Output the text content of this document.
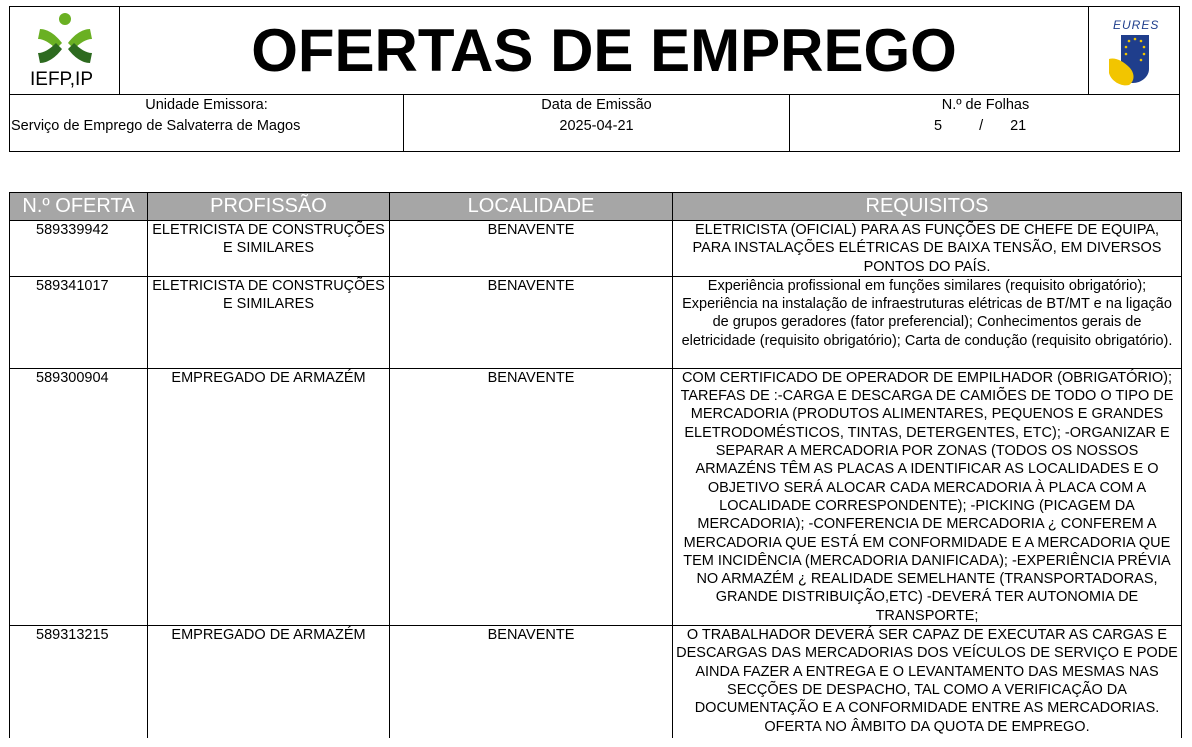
IEFP,IP	OFERTAS DE EMPREGO	EURES
Unidade Emissora:
Serviço de Emprego de Salvaterra de Magos
Data de Emissão
2025-04-21
N.º de Folhas
5	/ 21
N.º OFERTA	PROFISSÃO	LOCALIDADE	REQUISITOS
589339942	ELETRICISTA DE CONSTRUÇÕES E SIMILARES	BENAVENTE	ELETRICISTA (OFICIAL) PARA AS FUNÇÕES DE CHEFE DE EQUIPA, PARA INSTALAÇÕES ELÉTRICAS DE BAIXA TENSÃO, EM DIVERSOS PONTOS DO PAÍS.
589341017	ELETRICISTA DE CONSTRUÇÕES E SIMILARES	BENAVENTE	Experiência profissional em funções similares (requisito obrigatório); Experiência na instalação de infraestruturas elétricas de BT/MT e na ligação de grupos geradores (fator preferencial); Conhecimentos gerais de eletricidade (requisito obrigatório); Carta de condução (requisito obrigatório).
589300904	EMPREGADO DE ARMAZÉM	BENAVENTE	COM CERTIFICADO DE OPERADOR DE EMPILHADOR (OBRIGATÓRIO); TAREFAS DE :-CARGA E DESCARGA DE CAMIÕES DE TODO O TIPO DE MERCADORIA (PRODUTOS ALIMENTARES, PEQUENOS E GRANDES ELETRODOMÉSTICOS, TINTAS, DETERGENTES, ETC); -ORGANIZAR E SEPARAR A MERCADORIA POR ZONAS (TODOS OS NOSSOS ARMAZÉNS TÊM AS PLACAS A IDENTIFICAR AS LOCALIDADES E O OBJETIVO SERÁ ALOCAR CADA MERCADORIA À PLACA COM A LOCALIDADE CORRESPONDENTE); -PICKING (PICAGEM DA MERCADORIA); -CONFERENCIA DE MERCADORIA ¿ CONFEREM A MERCADORIA QUE ESTÁ EM CONFORMIDADE E A MERCADORIA QUE TEM INCIDÊNCIA (MERCADORIA DANIFICADA); -EXPERIÊNCIA PRÉVIA NO ARMAZÉM ¿ REALIDADE SEMELHANTE (TRANSPORTADORAS, GRANDE DISTRIBUIÇÃO,ETC) -DEVERÁ TER AUTONOMIA DE TRANSPORTE;
589313215	EMPREGADO DE ARMAZÉM	BENAVENTE	O TRABALHADOR DEVERÁ SER CAPAZ DE EXECUTAR AS CARGAS E DESCARGAS DAS MERCADORIAS DOS VEÍCULOS DE SERVIÇO E PODE AINDA FAZER A ENTREGA E O LEVANTAMENTO DAS MESMAS NAS SECÇÕES DE DESPACHO, TAL COMO A VERIFICAÇÃO DA DOCUMENTAÇÃO E A CONFORMIDADE ENTRE AS MERCADORIAS. OFERTA NO ÂMBITO DA QUOTA DE EMPREGO.
